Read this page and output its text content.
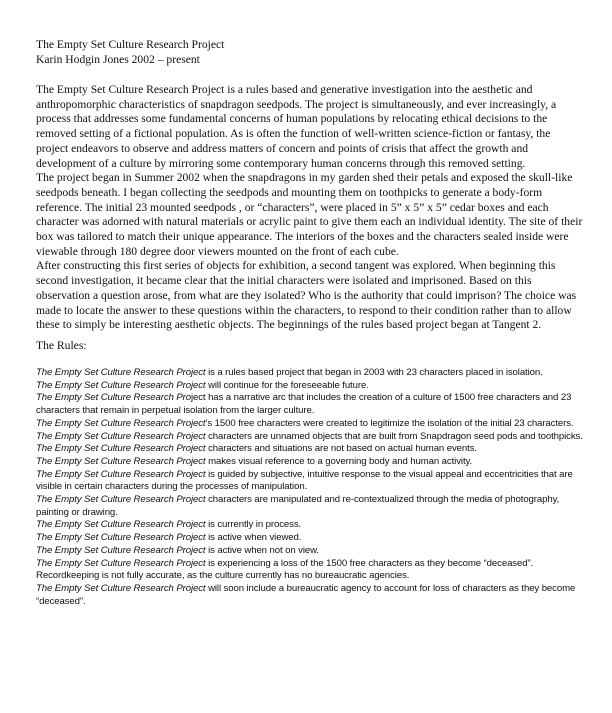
The Empty Set Culture Research Project
Karin Hodgin Jones 2002 – present

The Empty Set Culture Research Project is a rules based and generative investigation into the aesthetic and anthropomorphic characteristics of snapdragon seedpods. The project is simultaneously, and ever increasingly, a process that addresses some fundamental concerns of human populations by relocating ethical decisions to the removed setting of a fictional population. As is often the function of well-written science-fiction or fantasy, the project endeavors to observe and address matters of concern and points of crisis that affect the growth and development of a culture by mirroring some contemporary human concerns through this removed setting.

The project began in Summer 2002 when the snapdragons in my garden shed their petals and exposed the skull-like seedpods beneath. I began collecting the seedpods and mounting them on toothpicks to generate a body-form reference. The initial 23 mounted seedpods , or “characters”, were placed in 5” x 5” x 5” cedar boxes and each character was adorned with natural materials or acrylic paint to give them each an individual identity. The site of their box was tailored to match their unique appearance. The interiors of the boxes and the characters sealed inside were viewable through 180 degree door viewers mounted on the front of each cube.

After constructing this first series of objects for exhibition, a second tangent was explored. When beginning this second investigation, it became clear that the initial characters were isolated and imprisoned. Based on this observation a question arose, from what are they isolated? Who is the authority that could imprison? The choice was made to locate the answer to these questions within the characters, to respond to their condition rather than to allow these to simply be interesting aesthetic objects. The beginnings of the rules based project began at Tangent 2.

The Rules:
The Empty Set Culture Research Project is a rules based project that began in 2003 with 23 characters placed in isolation.
The Empty Set Culture Research Project will continue for the foreseeable future.
The Empty Set Culture Research Project has a narrative arc that includes the creation of a culture of 1500 free characters and 23 characters that remain in perpetual isolation from the larger culture.
The Empty Set Culture Research Project’s 1500 free characters were created to legitimize the isolation of the initial 23 characters.
The Empty Set Culture Research Project characters are unnamed objects that are built from Snapdragon seed pods and toothpicks.
The Empty Set Culture Research Project characters and situations are not based on actual human events.
The Empty Set Culture Research Project makes visual reference to a governing body and human activity.
The Empty Set Culture Research Project is guided by subjective, intuitive response to the visual appeal and eccentricities that are visible in certain characters during the processes of manipulation.
The Empty Set Culture Research Project characters are manipulated and re-contextualized through the media of photography, painting or drawing.
The Empty Set Culture Research Project is currently in process.
The Empty Set Culture Research Project is active when viewed.
The Empty Set Culture Research Project is active when not on view.
The Empty Set Culture Research Project is experiencing a loss of the 1500 free characters as they become “deceased”. Recordkeeping is not fully accurate, as the culture currently has no bureaucratic agencies.
The Empty Set Culture Research Project will soon include a bureaucratic agency to account for loss of characters as they become “deceased”.
